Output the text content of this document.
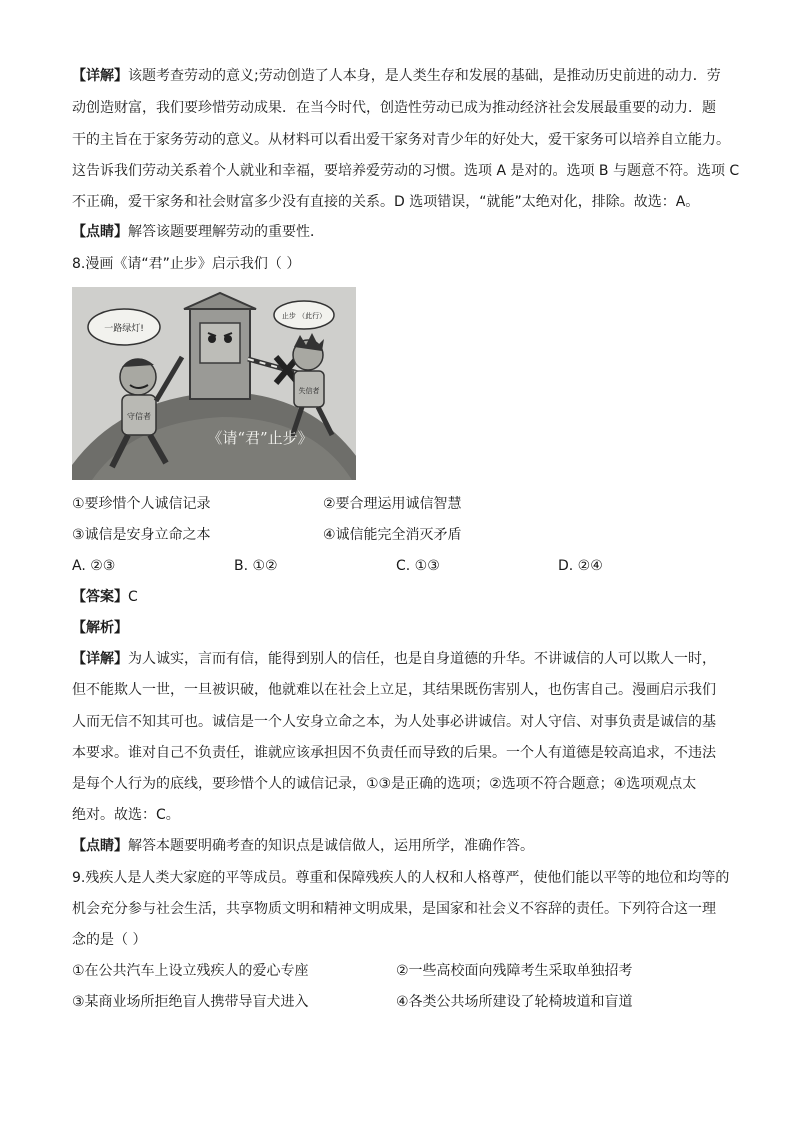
【详解】该题考查劳动的意义;劳动创造了人本身，是人类生存和发展的基础，是推动历史前进的动力．劳
动创造财富，我们要珍惜劳动成果．在当今时代，创造性劳动已成为推动经济社会发展最重要的动力．题
干的主旨在于家务劳动的意义。从材料可以看出爱干家务对青少年的好处大，爱干家务可以培养自立能力。
这告诉我们劳动关系着个人就业和幸福，要培养爱劳动的习惯。选项 A 是对的。选项 B 与题意不符。选项 C
不正确，爱干家务和社会财富多少没有直接的关系。D 选项错误，“就能”太绝对化，排除。故选：A。
【点睛】解答该题要理解劳动的重要性．
8.漫画《请“君”止步》启示我们（ ）
守信者
一路绿灯!
失信者
止步 （此行）
《请“君”止步》
①要珍惜个人诚信记录	②要合理运用诚信智慧
③诚信是安身立命之本	④诚信能完全消灭矛盾
A. ②③	B. ①②	C. ①③	D. ②④
【答案】C
【解析】
【详解】为人诚实，言而有信，能得到别人的信任，也是自身道德的升华。不讲诚信的人可以欺人一时，
但不能欺人一世，一旦被识破，他就难以在社会上立足，其结果既伤害别人，也伤害自己。漫画启示我们
人而无信不知其可也。诚信是一个人安身立命之本，为人处事必讲诚信。对人守信、对事负责是诚信的基
本要求。谁对自己不负责任，谁就应该承担因不负责任而导致的后果。一个人有道德是较高追求，不违法
是每个人行为的底线，要珍惜个人的诚信记录，①③是正确的选项；②选项不符合题意；④选项观点太
绝对。故选：C。
【点睛】解答本题要明确考查的知识点是诚信做人，运用所学，准确作答。
9.残疾人是人类大家庭的平等成员。尊重和保障残疾人的人权和人格尊严，使他们能以平等的地位和均等的
机会充分参与社会生活，共享物质文明和精神文明成果，是国家和社会义不容辞的责任。下列符合这一理
念的是（ ）
①在公共汽车上设立残疾人的爱心专座	②一些高校面向残障考生采取单独招考
③某商业场所拒绝盲人携带导盲犬进入	④各类公共场所建设了轮椅坡道和盲道
